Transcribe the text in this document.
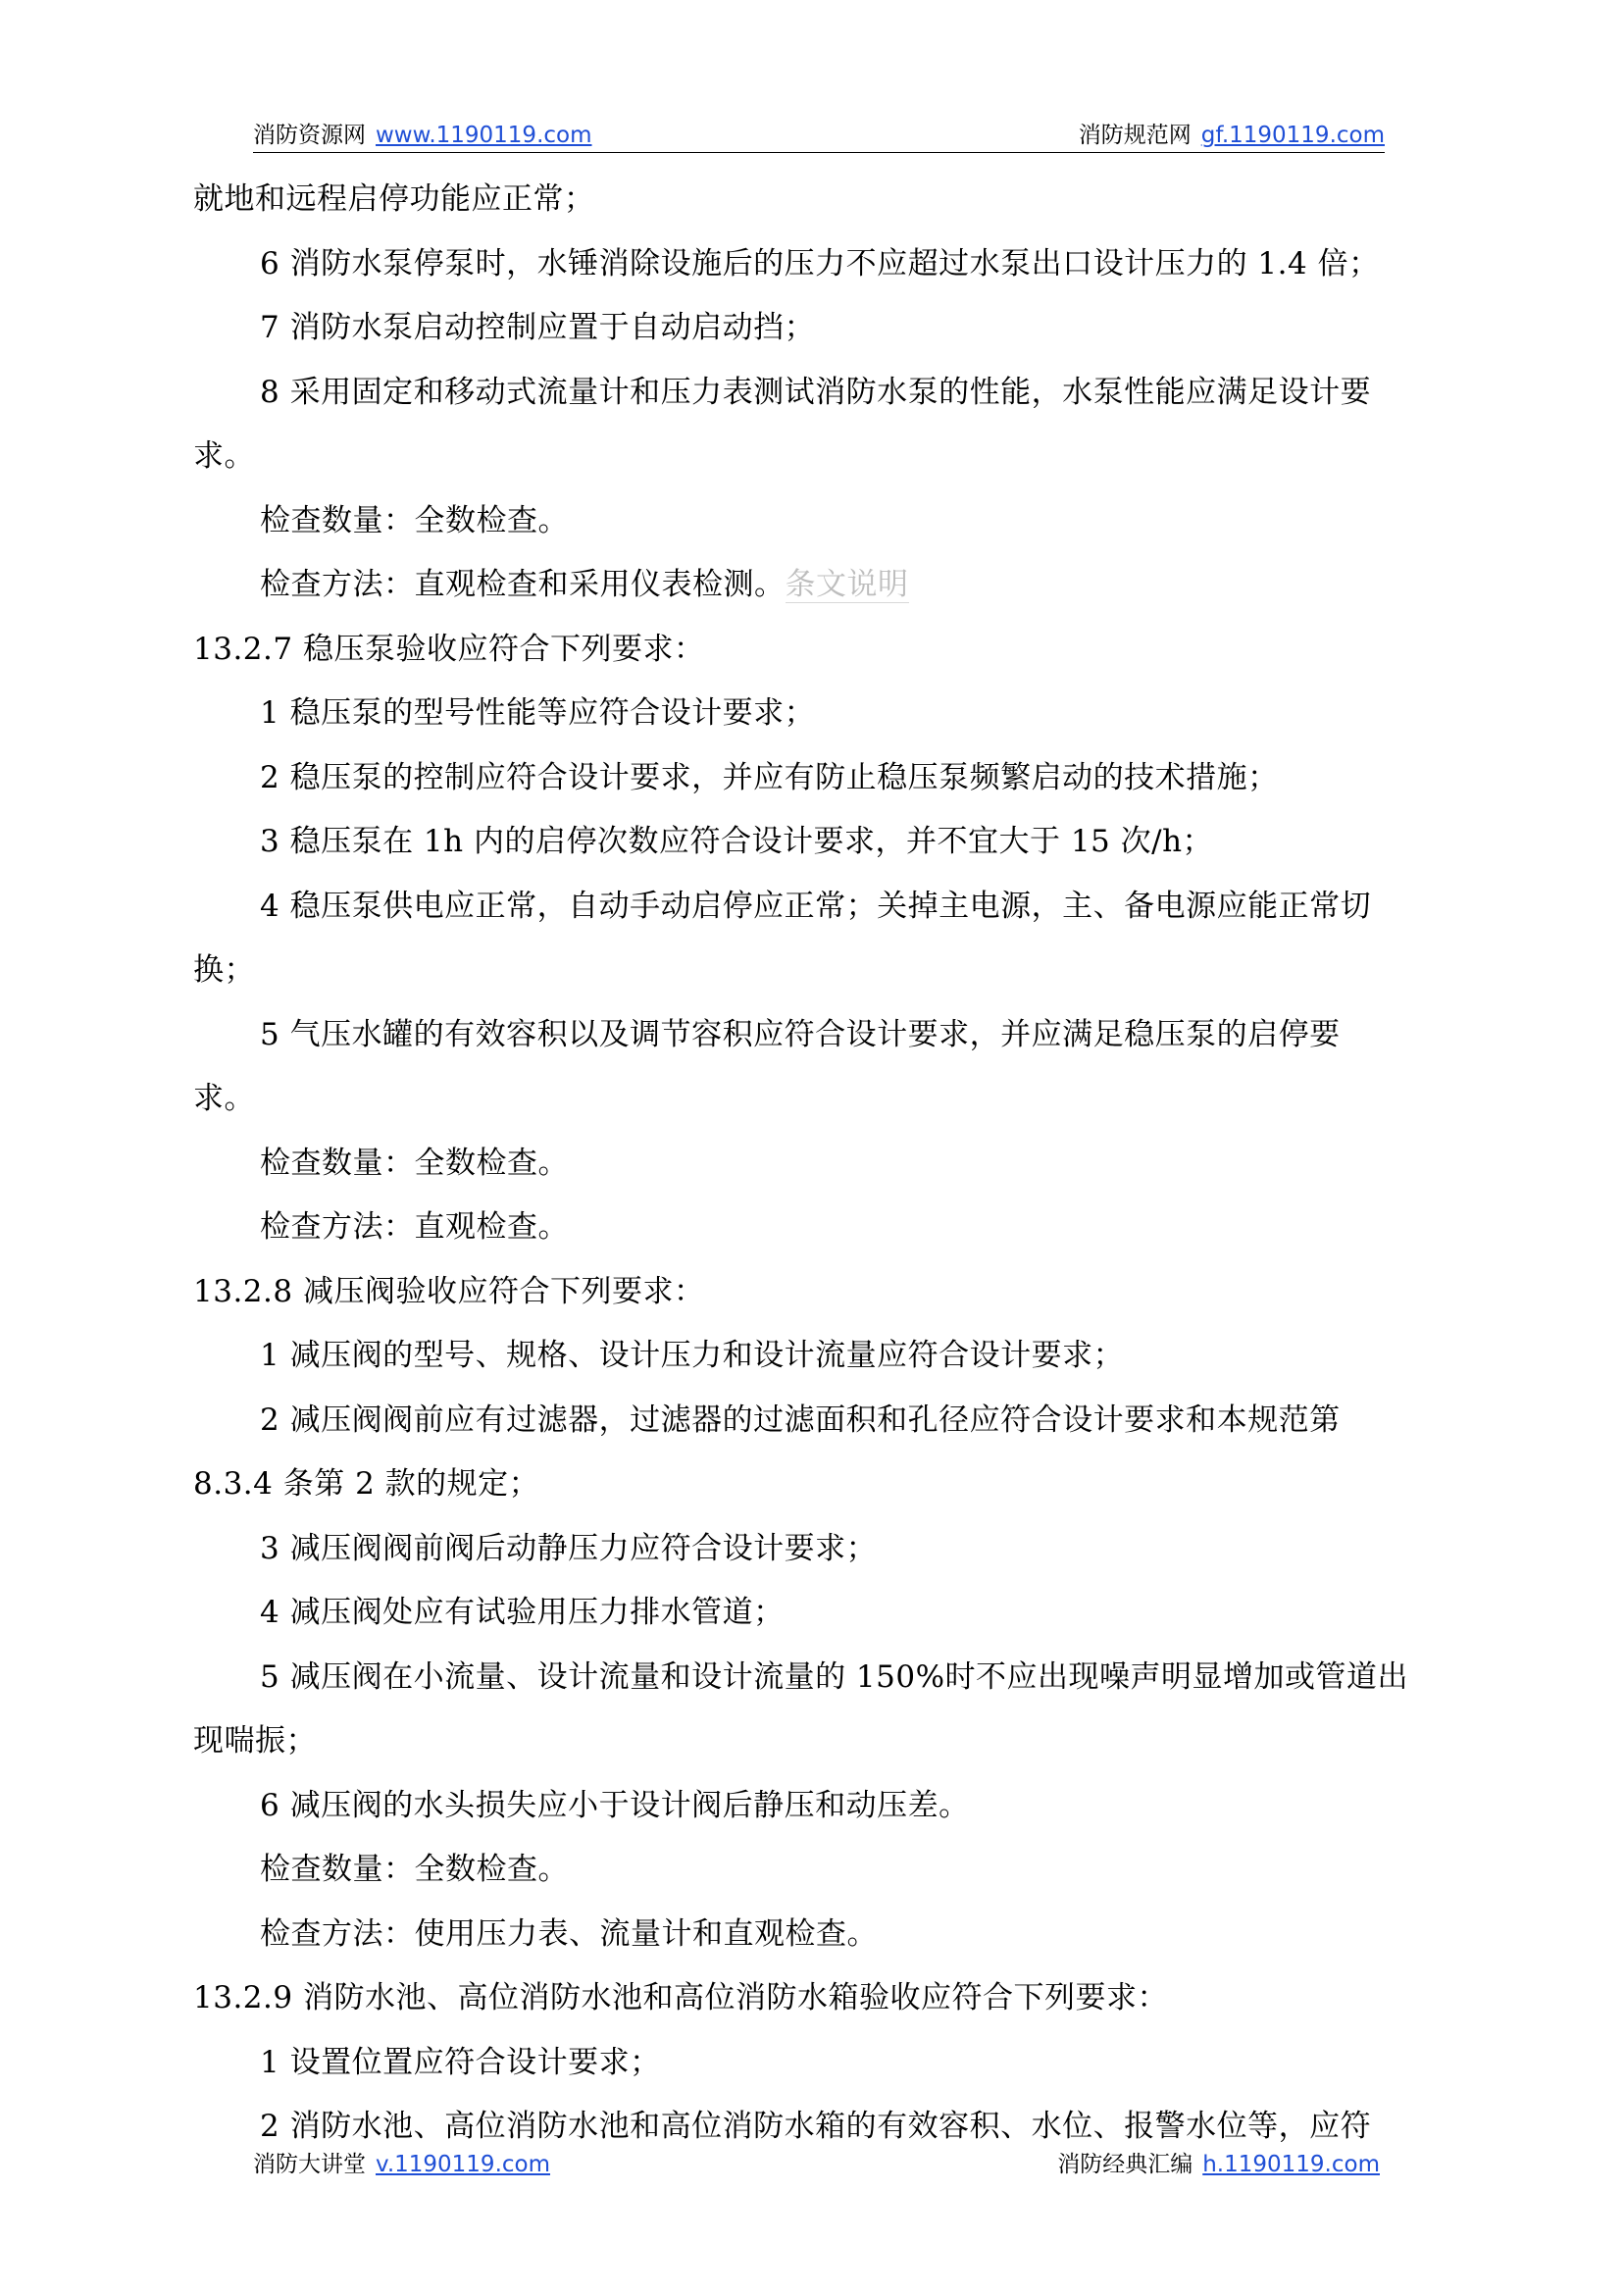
消防资源网 www.1190119.com	消防规范网 gf.1190119.com
就地和远程启停功能应正常；
6 消防水泵停泵时，水锤消除设施后的压力不应超过水泵出口设计压力的 1.4 倍；
7 消防水泵启动控制应置于自动启动挡；
8 采用固定和移动式流量计和压力表测试消防水泵的性能，水泵性能应满足设计要
求。
检查数量：全数检查。
检查方法：直观检查和采用仪表检测。条文说明
13.2.7 稳压泵验收应符合下列要求：
1 稳压泵的型号性能等应符合设计要求；
2 稳压泵的控制应符合设计要求，并应有防止稳压泵频繁启动的技术措施；
3 稳压泵在 1h 内的启停次数应符合设计要求，并不宜大于 15 次/h；
4 稳压泵供电应正常，自动手动启停应正常；关掉主电源，主、备电源应能正常切
换；
5 气压水罐的有效容积以及调节容积应符合设计要求，并应满足稳压泵的启停要
求。
检查数量：全数检查。
检查方法：直观检查。
13.2.8 减压阀验收应符合下列要求：
1 减压阀的型号、规格、设计压力和设计流量应符合设计要求；
2 减压阀阀前应有过滤器，过滤器的过滤面积和孔径应符合设计要求和本规范第
8.3.4 条第 2 款的规定；
3 减压阀阀前阀后动静压力应符合设计要求；
4 减压阀处应有试验用压力排水管道；
5 减压阀在小流量、设计流量和设计流量的 150%时不应出现噪声明显增加或管道出
现喘振；
6 减压阀的水头损失应小于设计阀后静压和动压差。
检查数量：全数检查。
检查方法：使用压力表、流量计和直观检查。
13.2.9 消防水池、高位消防水池和高位消防水箱验收应符合下列要求：
1 设置位置应符合设计要求；
2 消防水池、高位消防水池和高位消防水箱的有效容积、水位、报警水位等，应符
消防大讲堂 v.1190119.com	消防经典汇编 h.1190119.com
